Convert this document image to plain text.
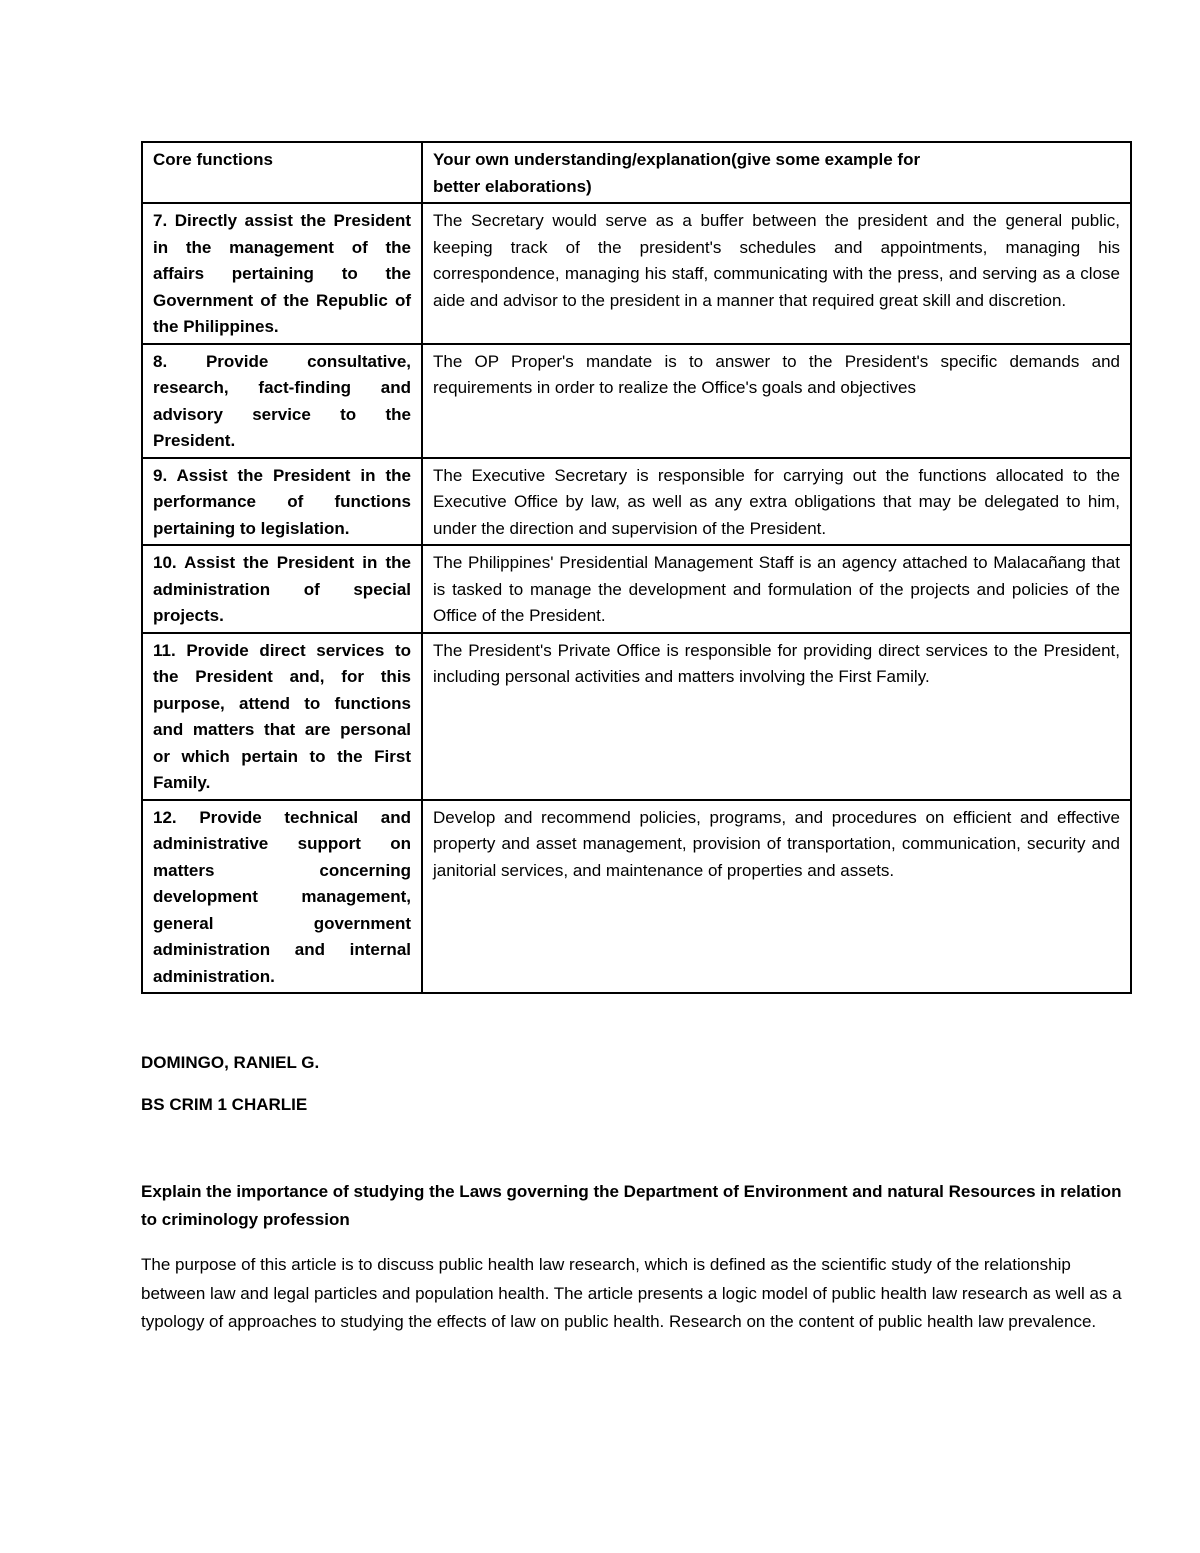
Core functions	Your own understanding/explanation(give some example for
better elaborations)

7. Directly assist the President in the management of the affairs pertaining to the Government of the Republic of the Philippines.	The Secretary would serve as a buffer between the president and the general public, keeping track of the president's schedules and appointments, managing his correspondence, managing his staff, communicating with the press, and serving as a close aide and advisor to the president in a manner that required great skill and discretion.
8. Provide consultative, research, fact-finding and advisory service to the President.	The OP Proper's mandate is to answer to the President's specific demands and requirements in order to realize the Office's goals and objectives
9. Assist the President in the performance of functions pertaining to legislation.	The Executive Secretary is responsible for carrying out the functions allocated to the Executive Office by law, as well as any extra obligations that may be delegated to him, under the direction and supervision of the President.
10. Assist the President in the administration of special projects.	The Philippines' Presidential Management Staff is an agency attached to Malacañang that is tasked to manage the development and formulation of the projects and policies of the Office of the President.
11. Provide direct services to the President and, for this purpose, attend to functions and matters that are personal or which pertain to the First Family.	The President's Private Office is responsible for providing direct services to the President, including personal activities and matters involving the First Family.
12. Provide technical and administrative support on matters concerning development management, general government administration and internal administration.	Develop and recommend policies, programs, and procedures on efficient and effective property and asset management, provision of transportation, communication, security and janitorial services, and maintenance of properties and assets.
DOMINGO, RANIEL G.
BS CRIM 1 CHARLIE
Explain the importance of studying the Laws governing the Department of Environment and natural Resources in relation to criminology profession
The purpose of this article is to discuss public health law research, which is defined as the scientific study of the relationship between law and legal particles and population health. The article presents a logic model of public health law research as well as a typology of approaches to studying the effects of law on public health. Research on the content of public health law prevalence.
